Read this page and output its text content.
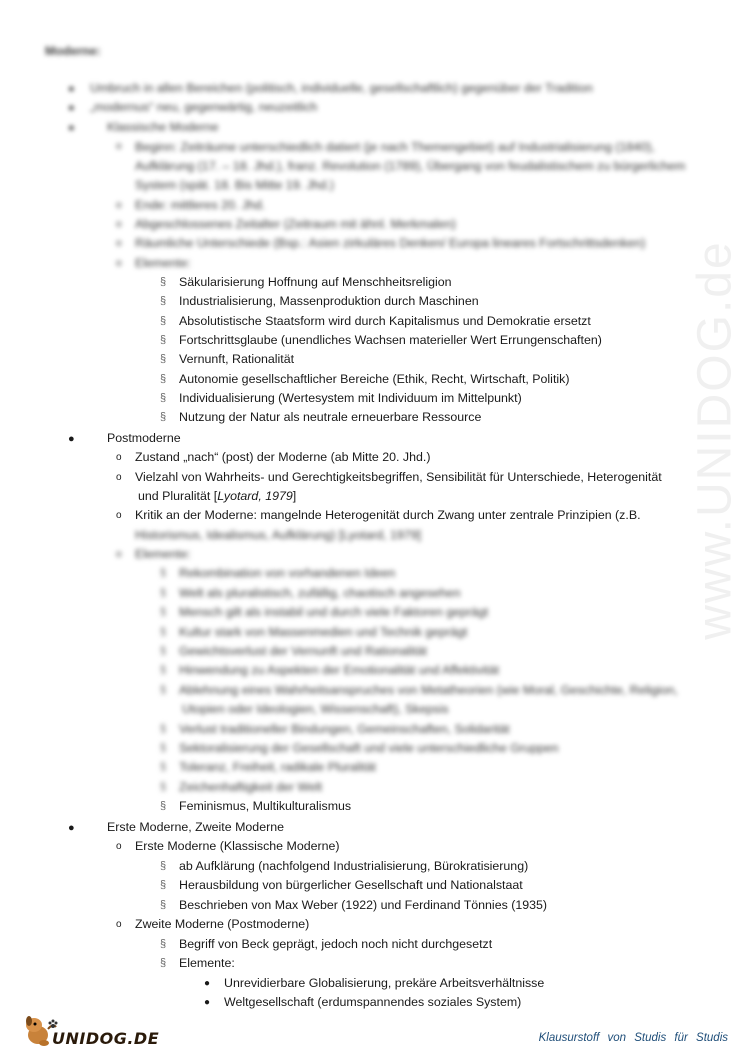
www.UNIDOG.de
Moderne:
● Umbruch in allen Bereichen (politisch, individuelle, gesellschaftlich) gegenüber der Tradition
● „modernus“ neu, gegenwärtig, neuzeitlich
●	Klassische Moderne
o Beginn: Zeiträume unterschiedlich datiert (je nach Themengebiet) auf Industrialisierung (1840), Aufklärung (17. – 18. Jhd.), franz. Revolution (1789), Übergang von feudalistischem zu bürgerlichem System (spät. 18. Bis Mitte 19. Jhd.)
o Ende: mittleres 20. Jhd.
o Abgeschlossenes Zeitalter (Zeitraum mit ähnl. Merkmalen)
o Räumliche Unterschiede (Bsp.: Asien zirkuläres Denken/ Europa lineares Fortschrittsdenken)
o Elemente:
§ Säkularisierung Hoffnung auf Menschheitsreligion
§ Industrialisierung, Massenproduktion durch Maschinen
§ Absolutistische Staatsform wird durch Kapitalismus und Demokratie ersetzt
§ Fortschrittsglaube (unendliches Wachsen materieller Wert Errungenschaften)
§ Vernunft, Rationalität
§ Autonomie gesellschaftlicher Bereiche (Ethik, Recht, Wirtschaft, Politik)
§ Individualisierung (Wertesystem mit Individuum im Mittelpunkt)
§ Nutzung der Natur als neutrale erneuerbare Ressource
●	Postmoderne
o Zustand „nach“ (post) der Moderne (ab Mitte 20. Jhd.)
o Vielzahl von Wahrheits- und Gerechtigkeitsbegriffen, Sensibilität für Unterschiede, Heterogenität
und Pluralität [Lyotard, 1979]
o Kritik an der Moderne: mangelnde Heterogenität durch Zwang unter zentrale Prinzipien (z.B.
Historismus, Idealismus, Aufklärung) [Lyotard, 1979]
o Elemente:
§ Rekombination von vorhandenen Ideen
§ Welt als pluralistisch, zufällig, chaotisch angesehen
§ Mensch gilt als instabil und durch viele Faktoren geprägt
§ Kultur stark von Massenmedien und Technik geprägt
§ Gewichtsverlust der Vernunft und Rationalität
§ Hinwendung zu Aspekten der Emotionalität und Affektivität
§ Ablehnung eines Wahrheitsanspruches von Metatheorien (wie Moral, Geschichte, Religion,
Utopien oder Ideologien, Wissenschaft), Skepsis
§ Verlust traditioneller Bindungen, Gemeinschaften, Solidarität
§ Sektoralisierung der Gesellschaft und viele unterschiedliche Gruppen
§ Toleranz, Freiheit, radikale Pluralität
§ Zeichenhaftigkeit der Welt
§ Feminismus, Multikulturalismus
●	Erste Moderne, Zweite Moderne
o Erste Moderne (Klassische Moderne)
§ ab Aufklärung (nachfolgend Industrialisierung, Bürokratisierung)
§ Herausbildung von bürgerlicher Gesellschaft und Nationalstaat
§ Beschrieben von Max Weber (1922) und Ferdinand Tönnies (1935)
o Zweite Moderne (Postmoderne)
§ Begriff von Beck geprägt, jedoch noch nicht durchgesetzt
§ Elemente:
● Unrevidierbare Globalisierung, prekäre Arbeitsverhältnisse
● Weltgesellschaft (erdumspannendes soziales System)
UNIDOG.DE	Klausurstoff von Studis für Studis
